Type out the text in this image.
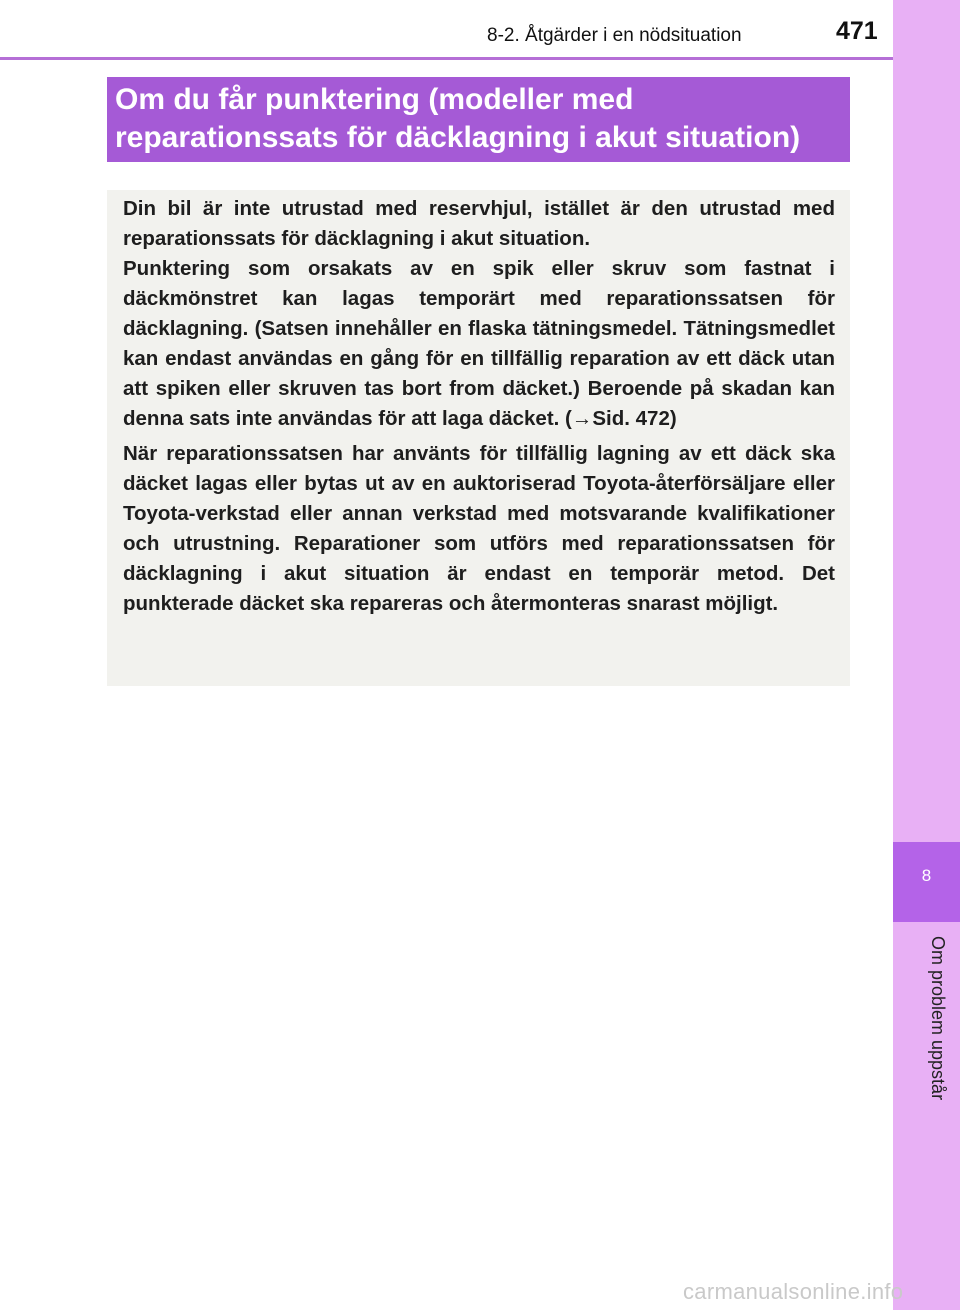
8-2. Åtgärder i en nödsituation	471
8
Om problem uppstår
Om du får punktering (modeller med
reparationssats för däcklagning i akut situation)

Din bil är inte utrustad med reservhjul, istället är den utrustad med reparationssats för däcklagning i akut situation.

Punktering som orsakats av en spik eller skruv som fastnat i däckmönstret kan lagas temporärt med reparationssatsen för däcklagning. (Satsen innehåller en flaska tätningsmedel. Tätningsmedlet kan endast användas en gång för en tillfällig reparation av ett däck utan att spiken eller skruven tas bort from däcket.) Beroende på skadan kan denna sats inte användas för att laga däcket. (→Sid. 472)

När reparationssatsen har använts för tillfällig lagning av ett däck ska däcket lagas eller bytas ut av en auktoriserad Toyota-återförsäljare eller Toyota-verkstad eller annan verkstad med motsvarande kvalifikationer och utrustning. Reparationer som utförs med reparationssatsen för däcklagning i akut situation är endast en temporär metod. Det punkterade däcket ska repareras och återmonteras snarast möjligt.

carmanualsonline.info
